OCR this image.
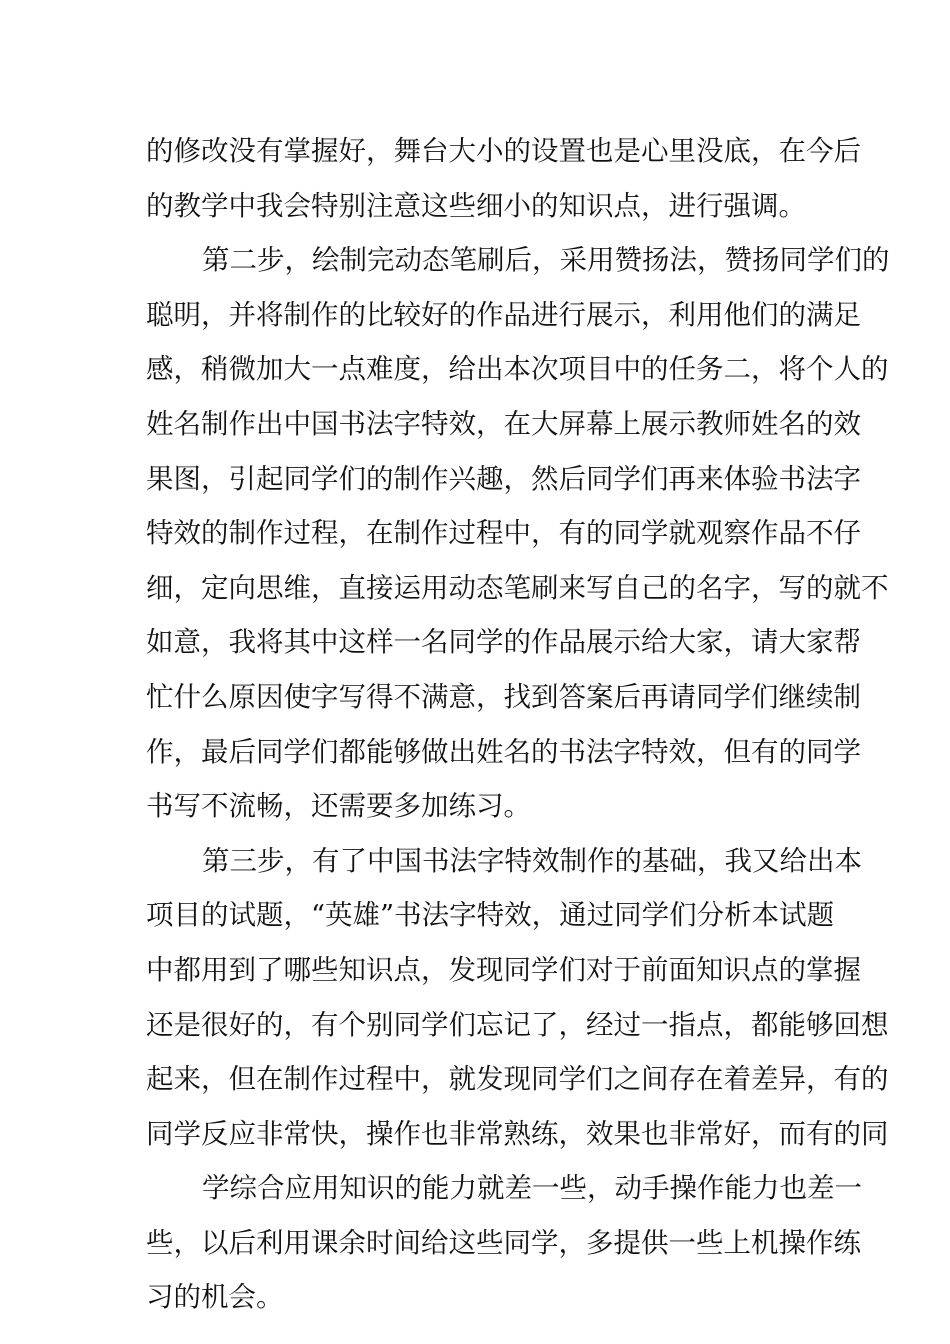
的修改没有掌握好，舞台大小的设置也是心里没底，在今后
的教学中我会特别注意这些细小的知识点，进行强调。
第二步，绘制完动态笔刷后，采用赞扬法，赞扬同学们的
聪明，并将制作的比较好的作品进行展示，利用他们的满足
感，稍微加大一点难度，给出本次项目中的任务二，将个人的
姓名制作出中国书法字特效，在大屏幕上展示教师姓名的效
果图，引起同学们的制作兴趣，然后同学们再来体验书法字
特效的制作过程，在制作过程中，有的同学就观察作品不仔
细，定向思维，直接运用动态笔刷来写自己的名字，写的就不
如意，我将其中这样一名同学的作品展示给大家，请大家帮
忙什么原因使字写得不满意，找到答案后再请同学们继续制
作，最后同学们都能够做出姓名的书法字特效，但有的同学
书写不流畅，还需要多加练习。
第三步，有了中国书法字特效制作的基础，我又给出本
项目的试题，“英雄”书法字特效，通过同学们分析本试题
中都用到了哪些知识点，发现同学们对于前面知识点的掌握
还是很好的，有个别同学们忘记了，经过一指点，都能够回想
起来，但在制作过程中，就发现同学们之间存在着差异，有的
同学反应非常快，操作也非常熟练，效果也非常好，而有的同
学综合应用知识的能力就差一些，动手操作能力也差一
些，以后利用课余时间给这些同学，多提供一些上机操作练
习的机会。
